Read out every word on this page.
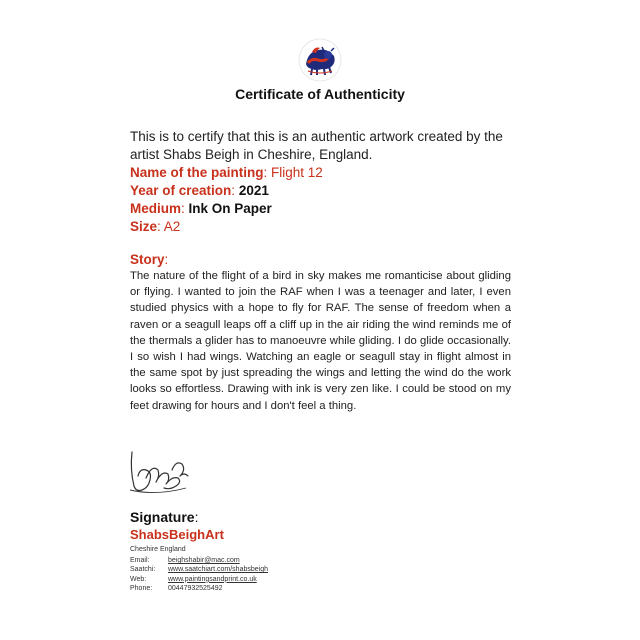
Certificate of Authenticity
This is to certify that this is an authentic artwork created by the artist Shabs Beigh in Cheshire, England.
Name of the painting: Flight 12
Year of creation: 2021
Medium: Ink On Paper
Size: A2
Story:
The nature of the flight of a bird in sky makes me romanticise about gliding or flying. I wanted to join the RAF when I was a teenager and later, I even studied physics with a hope to fly for RAF. The sense of freedom when a raven or a seagull leaps off a cliff up in the air riding the wind reminds me of the thermals a glider has to manoeuvre while gliding. I do glide occasionally. I so wish I had wings. Watching an eagle or seagull stay in flight almost in the same spot by just spreading the wings and letting the wind do the work looks so effortless. Drawing with ink is very zen like. I could be stood on my feet drawing for hours and I don't feel a thing.
Signature:
ShabsBeighArt
Cheshire England
Email:	beighshabir@mac.com
Saatchi:	www.saatchiart.com/shabsbeigh
Web:	www.paintingsandprint.co.uk
Phone:	00447932525492
